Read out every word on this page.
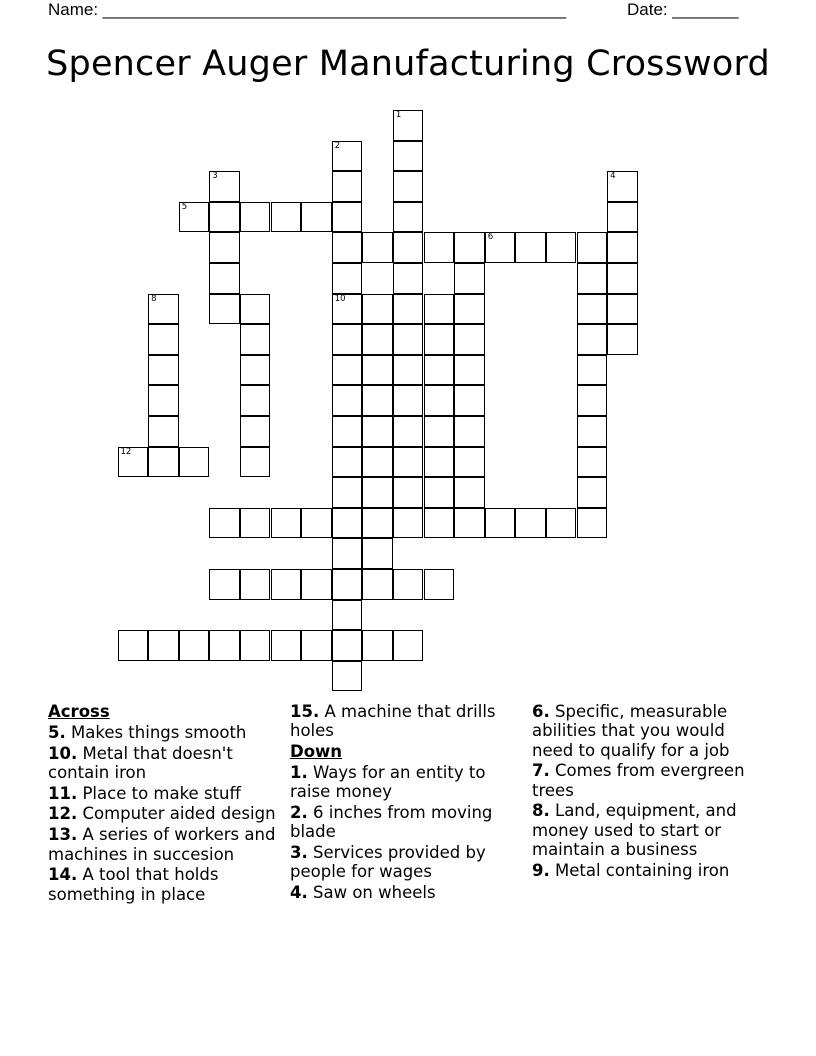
Name: _________________________________________________	Date: _______
Spencer Auger Manufacturing Crossword
1
2
10
3	4
5
8
6
12
Across
5. Makes things smooth
10. Metal that doesn't contain iron
11. Place to make stuff
12. Computer aided design
13. A series of workers and machines in succesion
14. A tool that holds something in place
15. A machine that drills holes
Down
1. Ways for an entity to raise money
2. 6 inches from moving blade
3. Services provided by people for wages
4. Saw on wheels
6. Specific, measurable abilities that you would need to qualify for a job
7. Comes from evergreen trees
8. Land, equipment, and money used to start or maintain a business
9. Metal containing iron
